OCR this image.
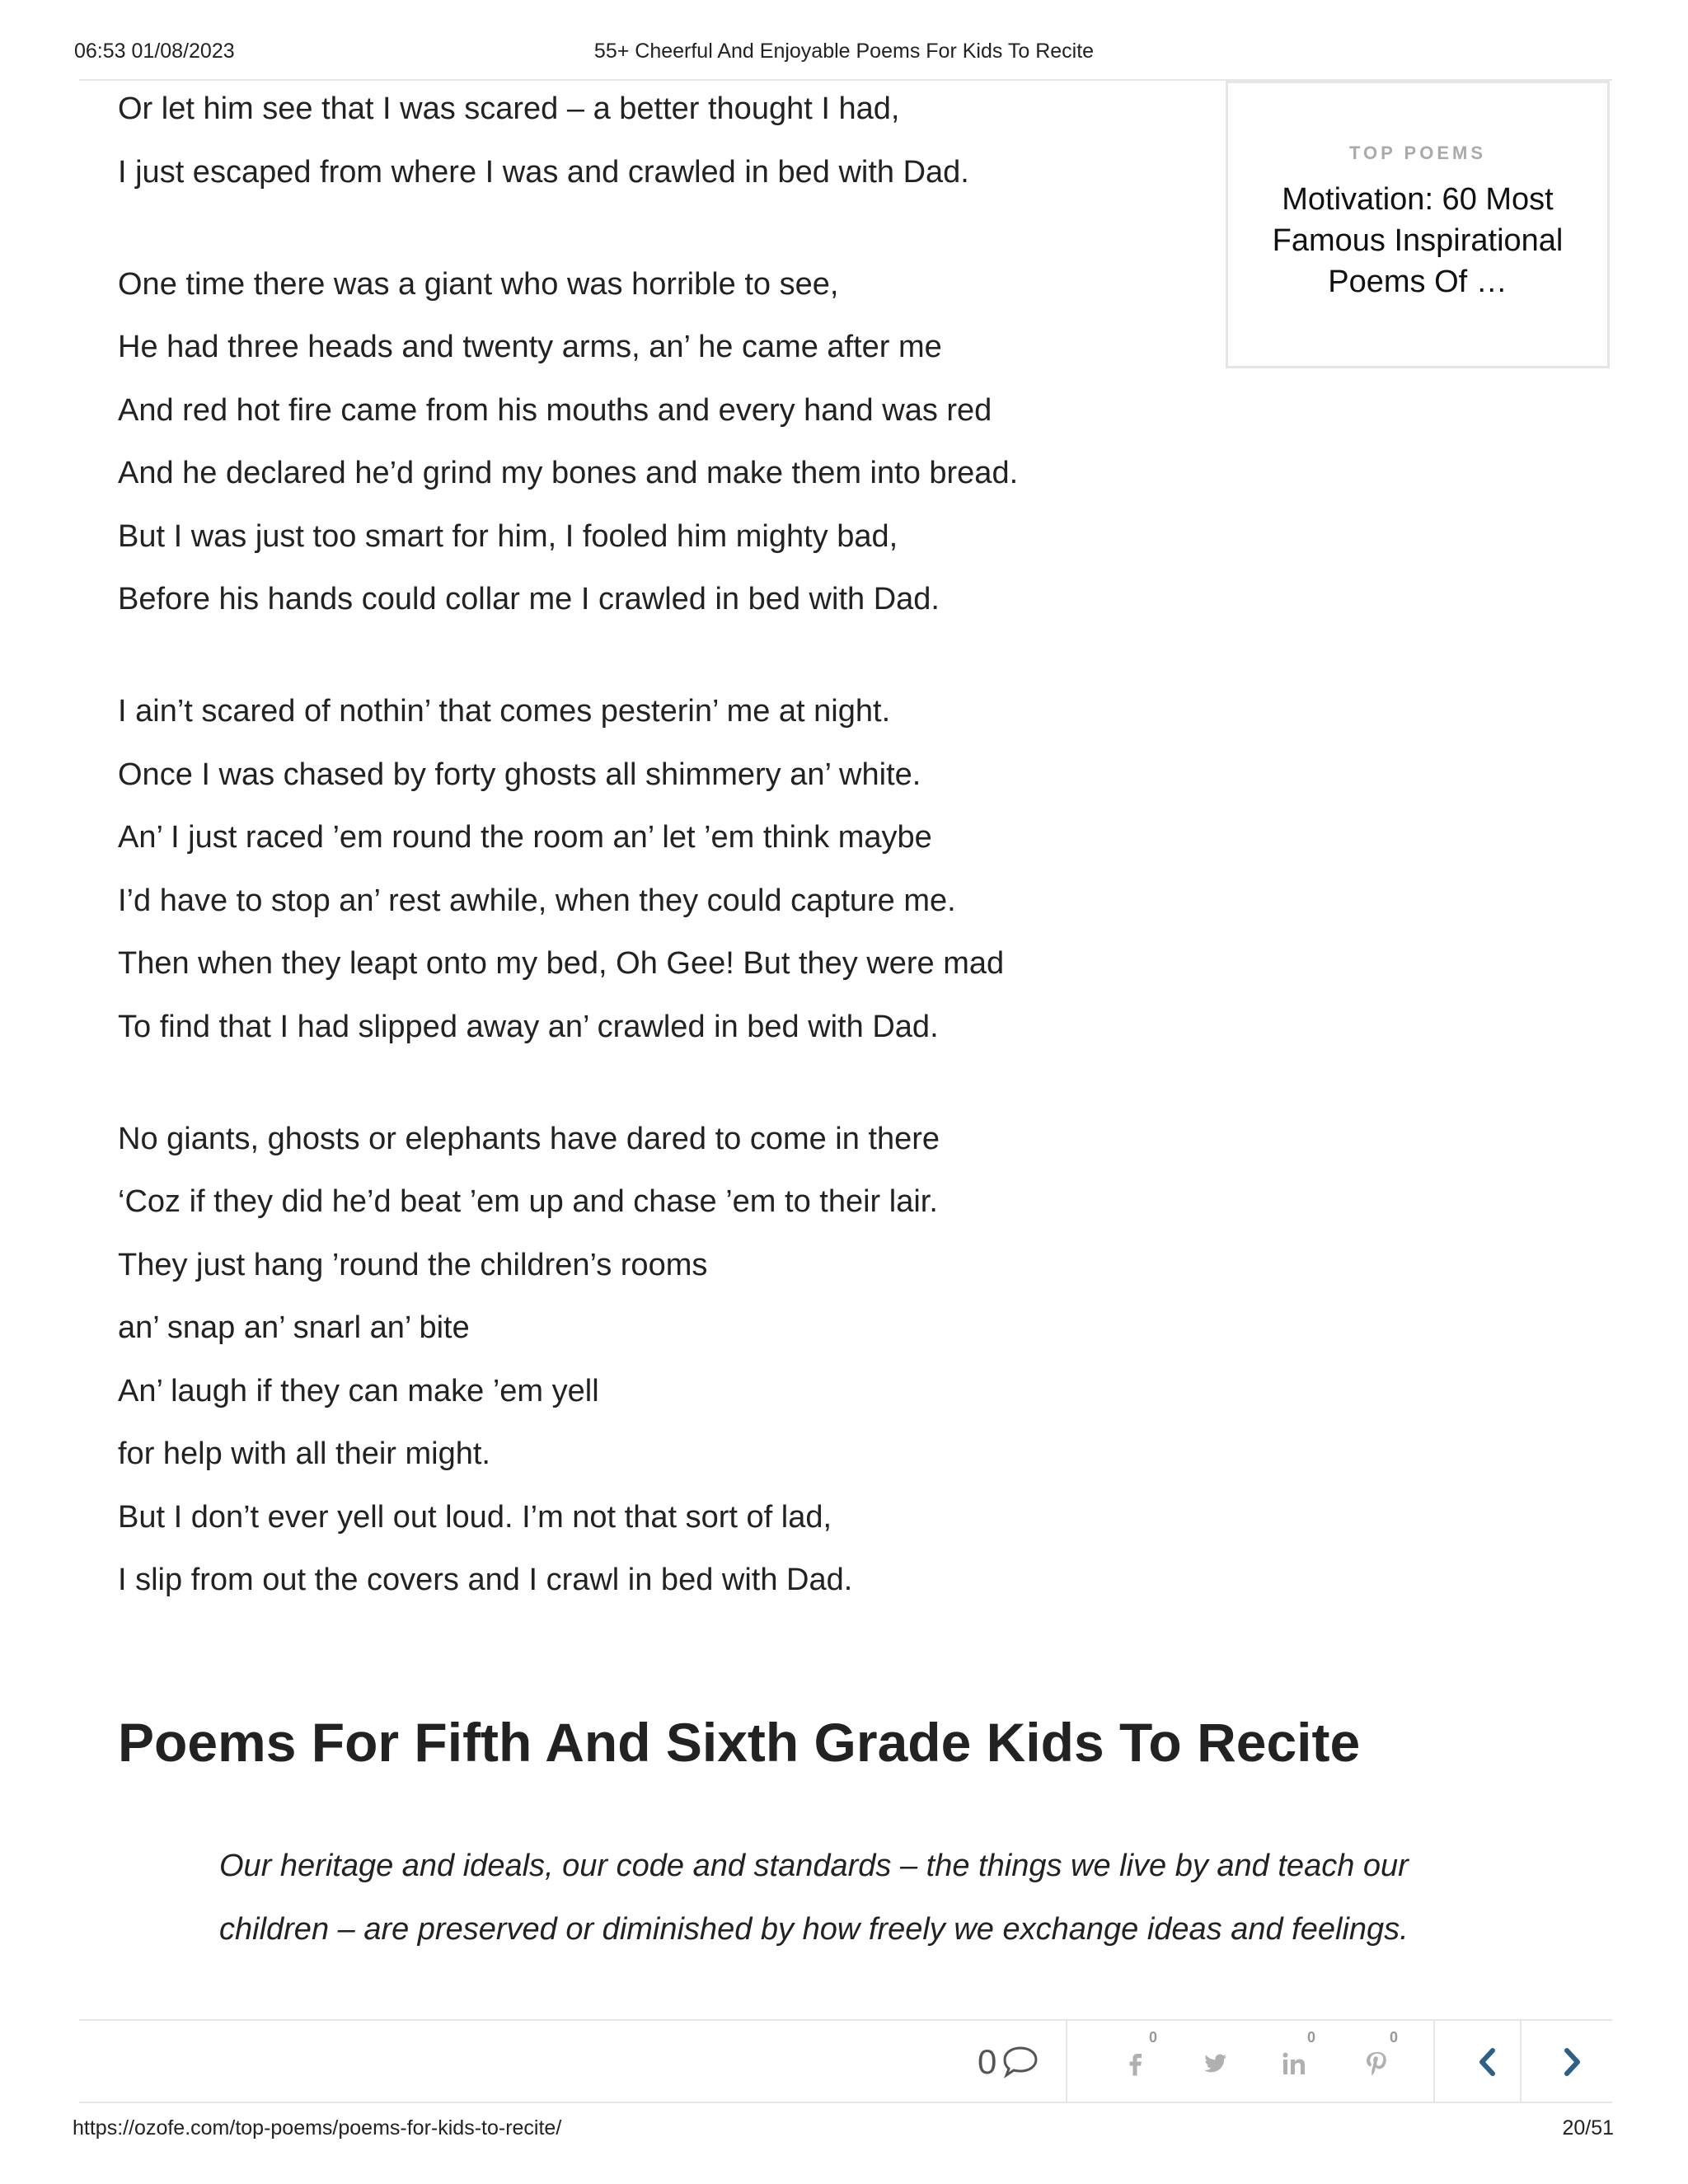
55+ Cheerful And Enjoyable Poems For Kids To Recite
06:53 01/08/2023
Or let him see that I was scared – a better thought I had,
I just escaped from where I was and crawled in bed with Dad.
One time there was a giant who was horrible to see,
He had three heads and twenty arms, an’ he came after me
And red hot fire came from his mouths and every hand was red
And he declared he’d grind my bones and make them into bread.
But I was just too smart for him, I fooled him mighty bad,
Before his hands could collar me I crawled in bed with Dad.
I ain’t scared of nothin’ that comes pesterin’ me at night.
Once I was chased by forty ghosts all shimmery an’ white.
An’ I just raced ’em round the room an’ let ’em think maybe
I’d have to stop an’ rest awhile, when they could capture me.
Then when they leapt onto my bed, Oh Gee! But they were mad
To find that I had slipped away an’ crawled in bed with Dad.
No giants, ghosts or elephants have dared to come in there
‘Coz if they did he’d beat ’em up and chase ’em to their lair.
They just hang ’round the children’s rooms
an’ snap an’ snarl an’ bite
An’ laugh if they can make ’em yell
for help with all their might.
But I don’t ever yell out loud. I’m not that sort of lad,
I slip from out the covers and I crawl in bed with Dad.
TOP POEMS
Motivation: 60 Most Famous Inspirational Poems Of …
Poems For Fifth And Sixth Grade Kids To Recite

Our heritage and ideals, our code and standards – the things we live by and teach our children – are preserved or diminished by how freely we exchange ideas and feelings.

0
0	0	0
https://ozofe.com/top-poems/poems-for-kids-to-recite/	20/51
